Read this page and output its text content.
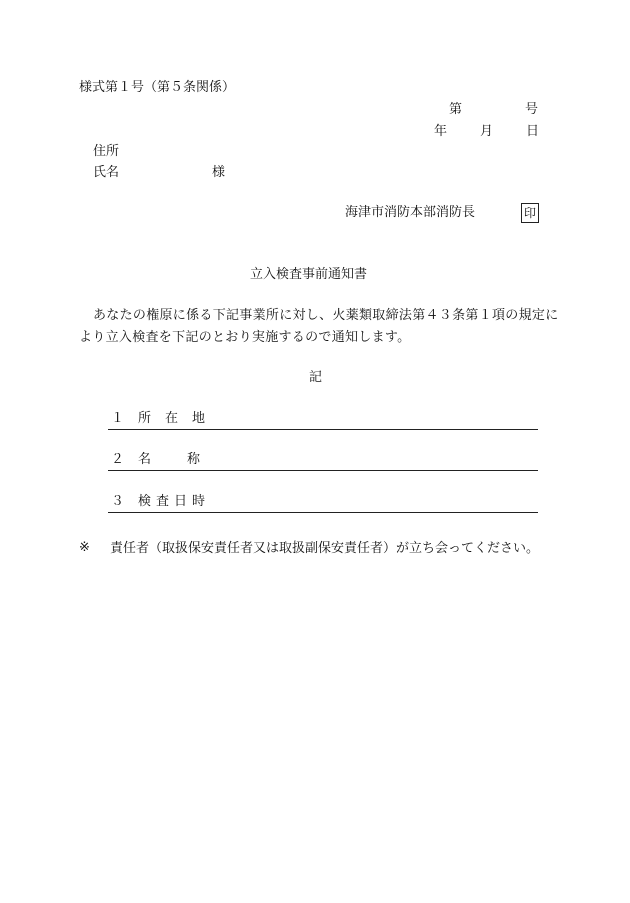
様式第１号（第５条関係）
第	号
年	月	日
住所
氏名	様
海津市消防本部消防長	印
立入検査事前通知書
あなたの権原に係る下記事業所に対し、火薬類取締法第４３条第１項の規定により立入検査を下記のとおり実施するので通知します。
記
１ 所在地
２ 名称
３ 検査日時
※	責任者（取扱保安責任者又は取扱副保安責任者）が立ち会ってください。
